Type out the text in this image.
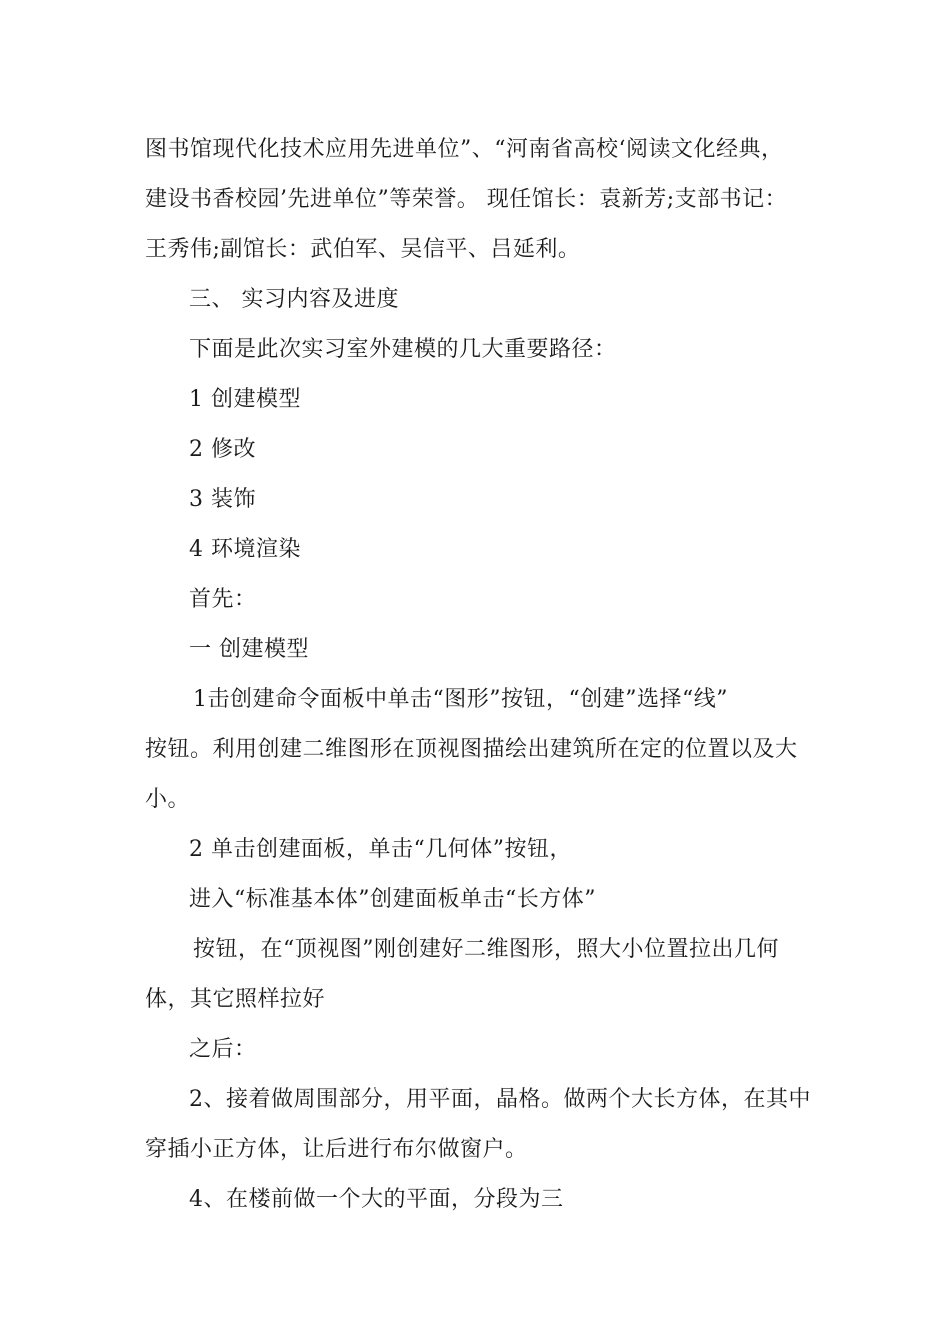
图书馆现代化技术应用先进单位”、“河南省高校‘阅读文化经典，
建设书香校园’先进单位”等荣誉。 现任馆长：袁新芳;支部书记：
王秀伟;副馆长：武伯军、吴信平、吕延利。
三、 实习内容及进度
下面是此次实习室外建模的几大重要路径：
1 创建模型
2 修改
3 装饰
4 环境渲染
首先：
一 创建模型
1击创建命令面板中单击“图形”按钮，“创建”选择“线”
按钮。利用创建二维图形在顶视图描绘出建筑所在定的位置以及大
小。
2 单击创建面板，单击“几何体”按钮，
进入“标准基本体”创建面板单击“长方体”
按钮，在“顶视图”刚创建好二维图形，照大小位置拉出几何
体，其它照样拉好
之后：
2、接着做周围部分，用平面，晶格。做两个大长方体，在其中
穿插小正方体，让后进行布尔做窗户。
4、在楼前做一个大的平面，分段为三
